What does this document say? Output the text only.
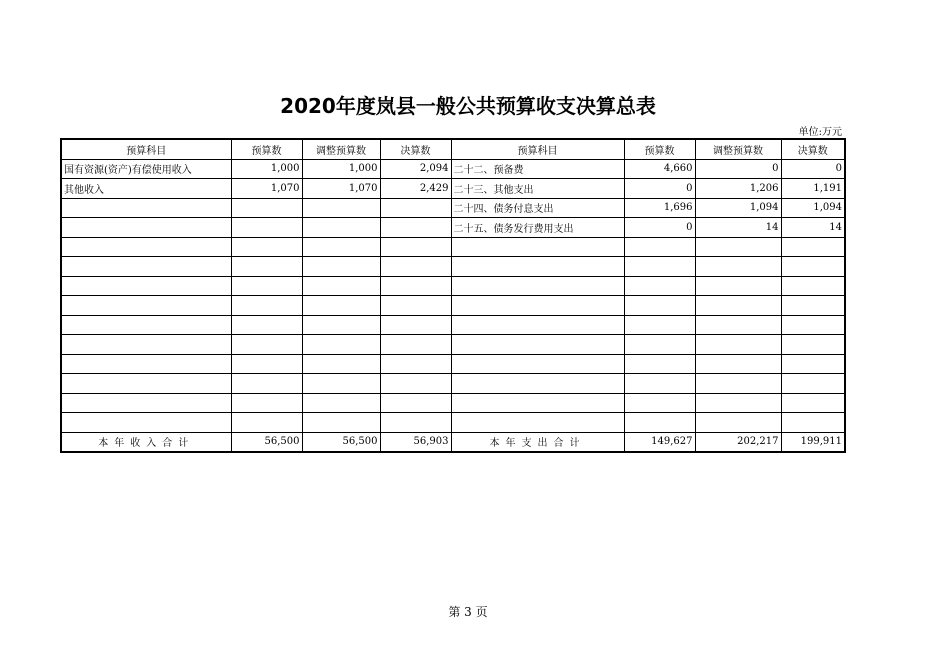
2020年度岚县一般公共预算收支决算总表
单位:万元
预算科目	预算数	调整预算数	决算数	预算科目	预算数	调整预算数	决算数
国有资源(资产)有偿使用收入	1,000	1,000	2,094	二十二、预备费	4,660	0	0
其他收入	1,070	1,070	2,429	二十三、其他支出	0	1,206	1,191
				二十四、债务付息支出	1,696	1,094	1,094
				二十五、债务发行费用支出	0	14	14

本年收入合计	56,500	56,500	56,903	本年支出合计	149,627	202,217	199,911
第 3 页
